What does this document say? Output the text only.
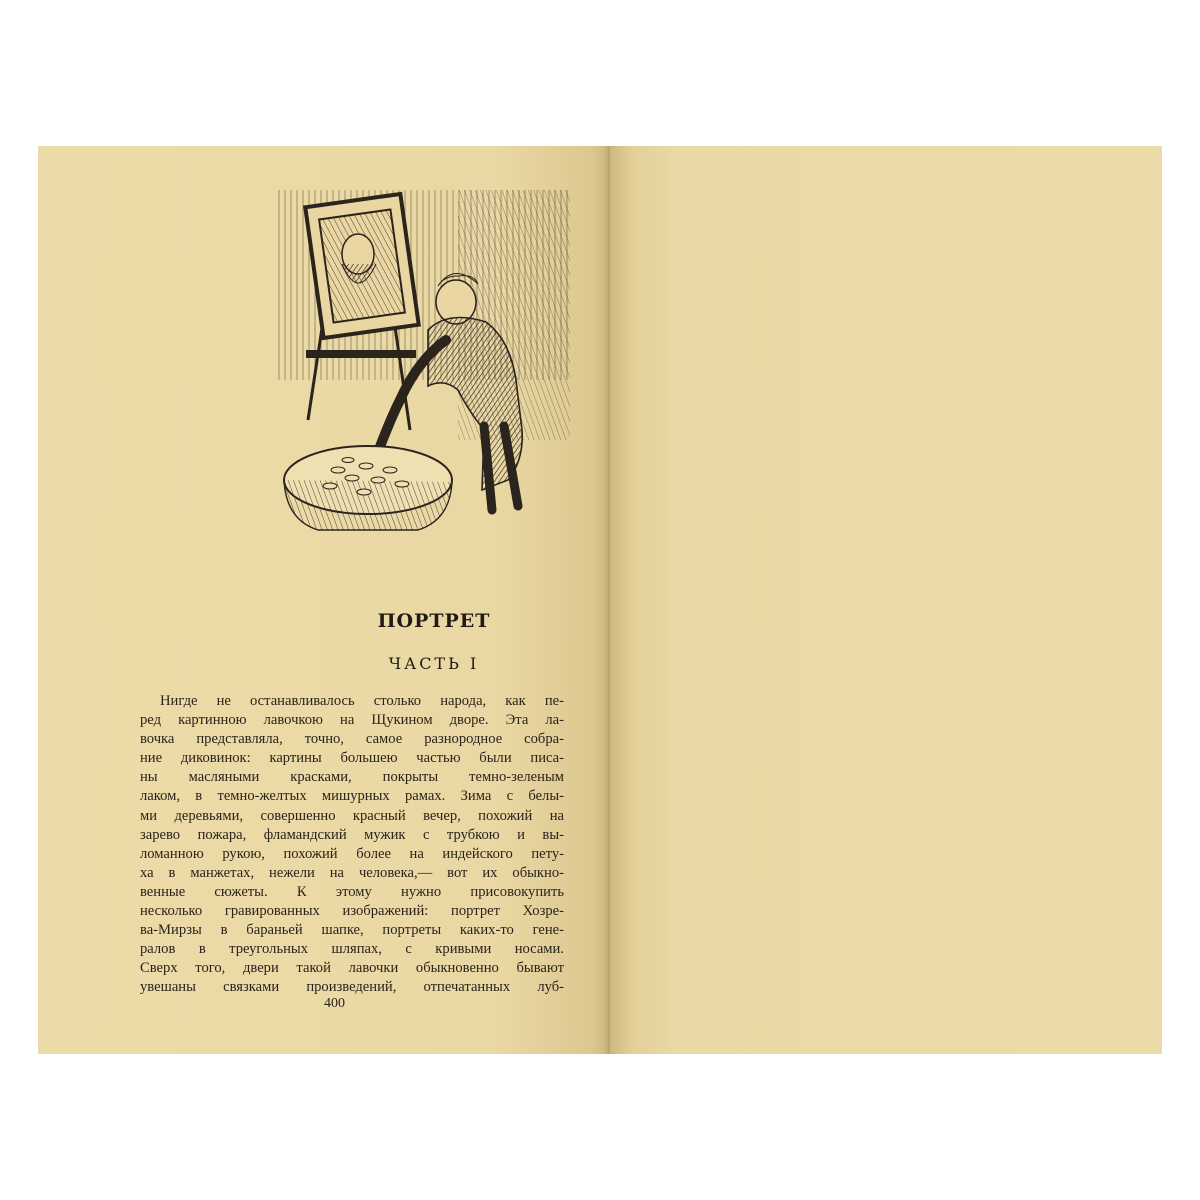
ПОРТРЕТ
ЧАСТЬ I
Нигде не останавливалось столько народа, как пе-
ред картинною лавочкою на Щукином дворе. Эта ла-
вочка представляла, точно, самое разнородное собра-
ние диковинок: картины большею частью были писа-
ны масляными красками, покрыты темно-зеленым
лаком, в темно-желтых мишурных рамах. Зима с белы-
ми деревьями, совершенно красный вечер, похожий на
зарево пожара, фламандский мужик с трубкою и вы-
ломанною рукою, похожий более на индейского пету-
ха в манжетах, нежели на человека,— вот их обыкно-
венные сюжеты. К этому нужно присовокупить
несколько гравированных изображений: портрет Хозре-
ва-Мирзы в бараньей шапке, портреты каких-то гене-
ралов в треугольных шляпах, с кривыми носами.
Сверх того, двери такой лавочки обыкновенно бывают
увешаны связками произведений, отпечатанных луб-
400
